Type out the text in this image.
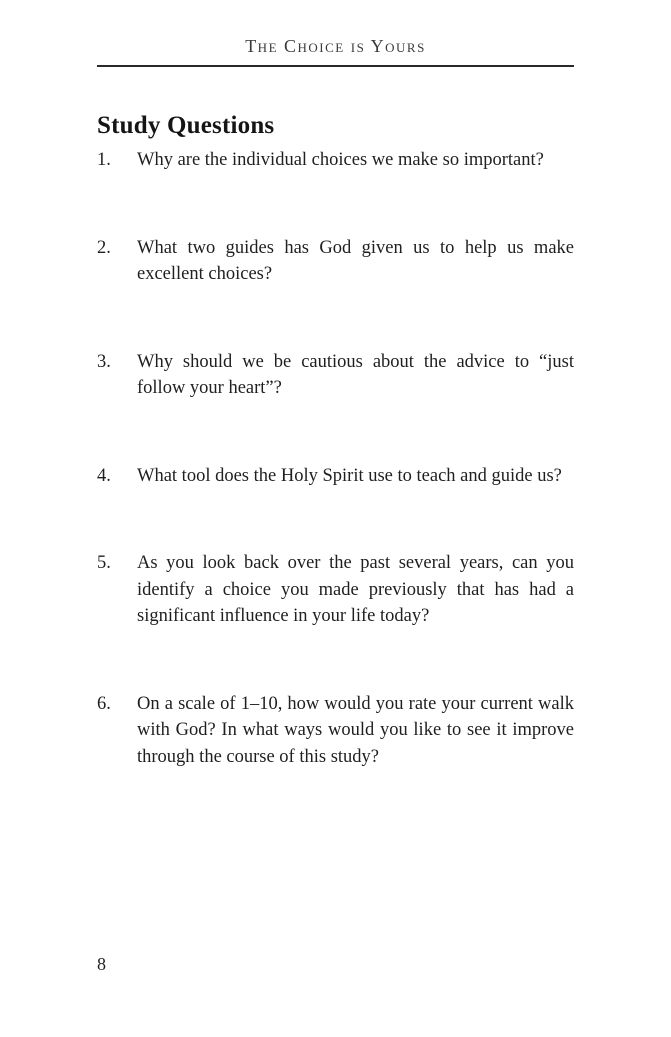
The Choice is Yours
Study Questions
1.	Why are the individual choices we make so important?
2.	What two guides has God given us to help us make excellent choices?
3.	Why should we be cautious about the advice to “just follow your heart”?
4.	What tool does the Holy Spirit use to teach and guide us?
5.	As you look back over the past several years, can you identify a choice you made previously that has had a significant influence in your life today?
6.	On a scale of 1–10, how would you rate your current walk with God? In what ways would you like to see it improve through the course of this study?
8
